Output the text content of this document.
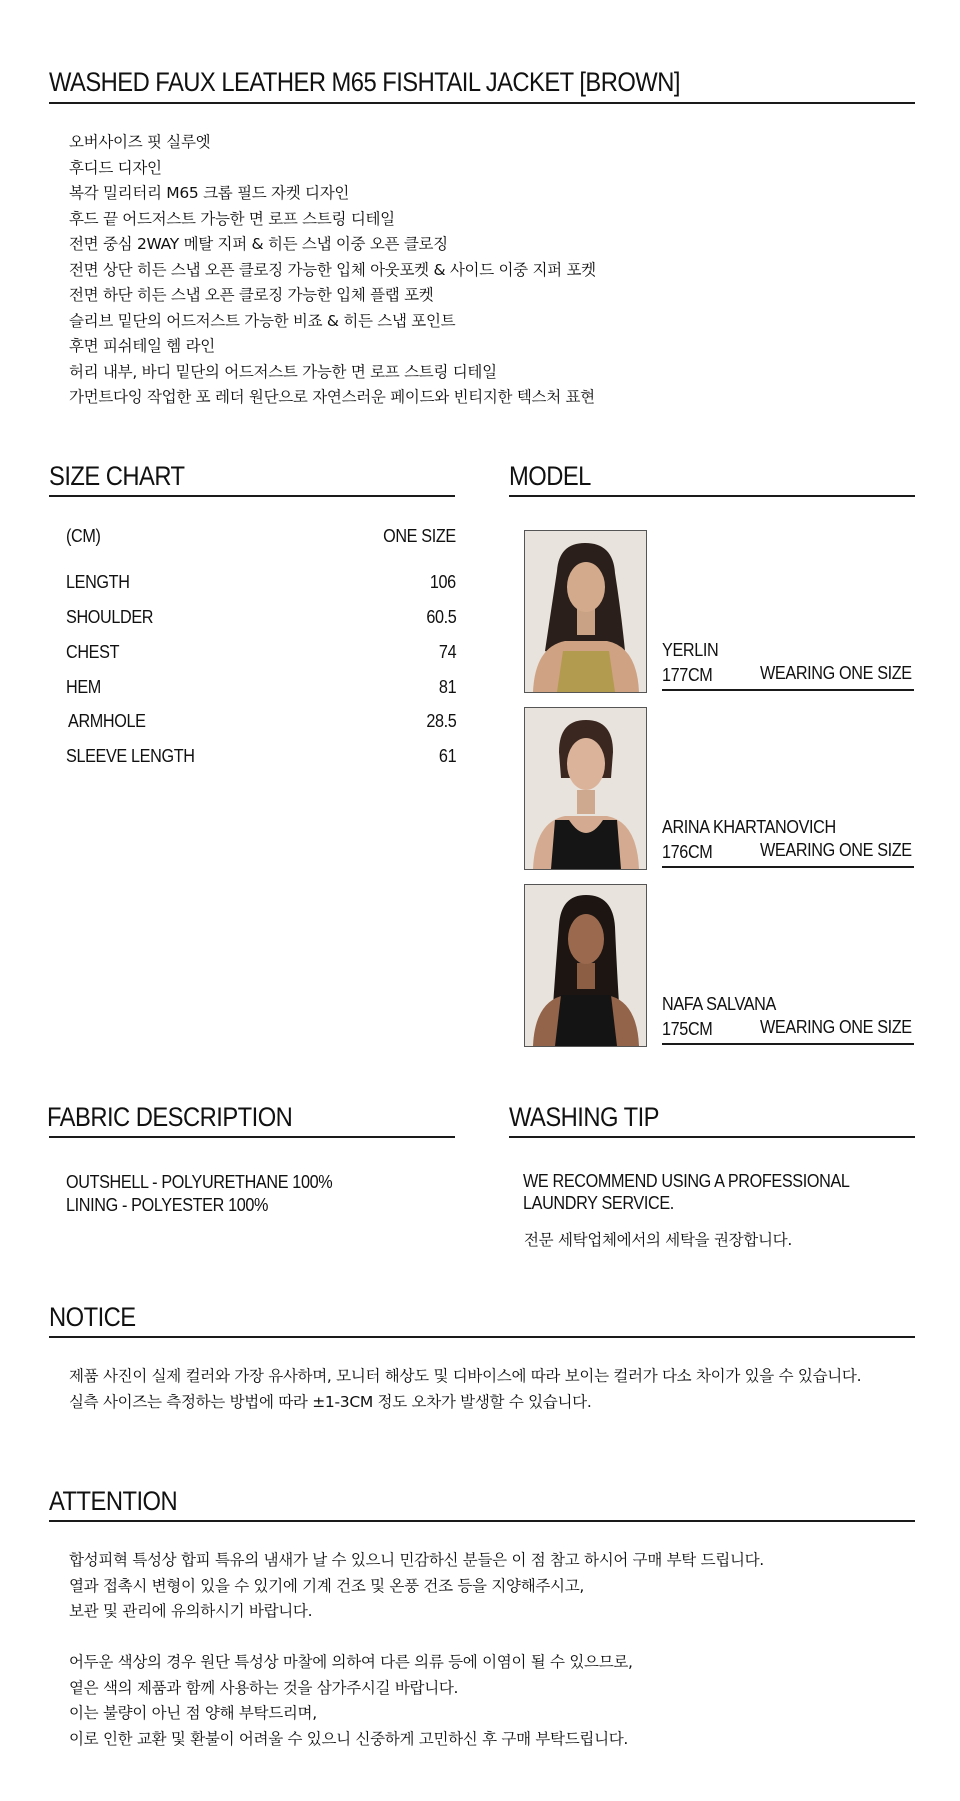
WASHED FAUX LEATHER M65 FISHTAIL JACKET [BROWN]
오버사이즈 핏 실루엣
후디드 디자인
복각 밀리터리 M65 크롭 필드 자켓 디자인
후드 끝 어드저스트 가능한 면 로프 스트링 디테일
전면 중심 2WAY 메탈 지퍼 & 히든 스냅 이중 오픈 클로징
전면 상단 히든 스냅 오픈 클로징 가능한 입체 아웃포켓 & 사이드 이중 지퍼 포켓
전면 하단 히든 스냅 오픈 클로징 가능한 입체 플랩 포켓
슬리브 밑단의 어드저스트 가능한 비죠 & 히든 스냅 포인트
후면 피쉬테일 헴 라인
허리 내부, 바디 밑단의 어드저스트 가능한 면 로프 스트링 디테일
가먼트다잉 작업한 포 레더 원단으로 자연스러운 페이드와 빈티지한 텍스처 표현
SIZE CHART
(CM)	ONE SIZE
LENGTH	106
SHOULDER	60.5
CHEST	74
HEM	81
ARMHOLE	28.5
SLEEVE LENGTH	61
MODEL
YERLIN
177CM	WEARING ONE SIZE
ARINA KHARTANOVICH
176CM	WEARING ONE SIZE
NAFA SALVANA
175CM	WEARING ONE SIZE
FABRIC DESCRIPTION
OUTSHELL - POLYURETHANE 100%
LINING - POLYESTER 100%
WASHING TIP
WE RECOMMEND USING A PROFESSIONAL
LAUNDRY SERVICE.
전문 세탁업체에서의 세탁을 권장합니다.
NOTICE
제품 사진이 실제 컬러와 가장 유사하며, 모니터 해상도 및 디바이스에 따라 보이는 컬러가 다소 차이가 있을 수 있습니다.
실측 사이즈는 측정하는 방법에 따라 ±1-3CM 정도 오차가 발생할 수 있습니다.
ATTENTION
합성피혁 특성상 합피 특유의 냄새가 날 수 있으니 민감하신 분들은 이 점 참고 하시어 구매 부탁 드립니다.
열과 접촉시 변형이 있을 수 있기에 기계 건조 및 온풍 건조 등을 지양해주시고,
보관 및 관리에 유의하시기 바랍니다.
어두운 색상의 경우 원단 특성상 마찰에 의하여 다른 의류 등에 이염이 될 수 있으므로,
옅은 색의 제품과 함께 사용하는 것을 삼가주시길 바랍니다.
이는 불량이 아닌 점 양해 부탁드리며,
이로 인한 교환 및 환불이 어려울 수 있으니 신중하게 고민하신 후 구매 부탁드립니다.
